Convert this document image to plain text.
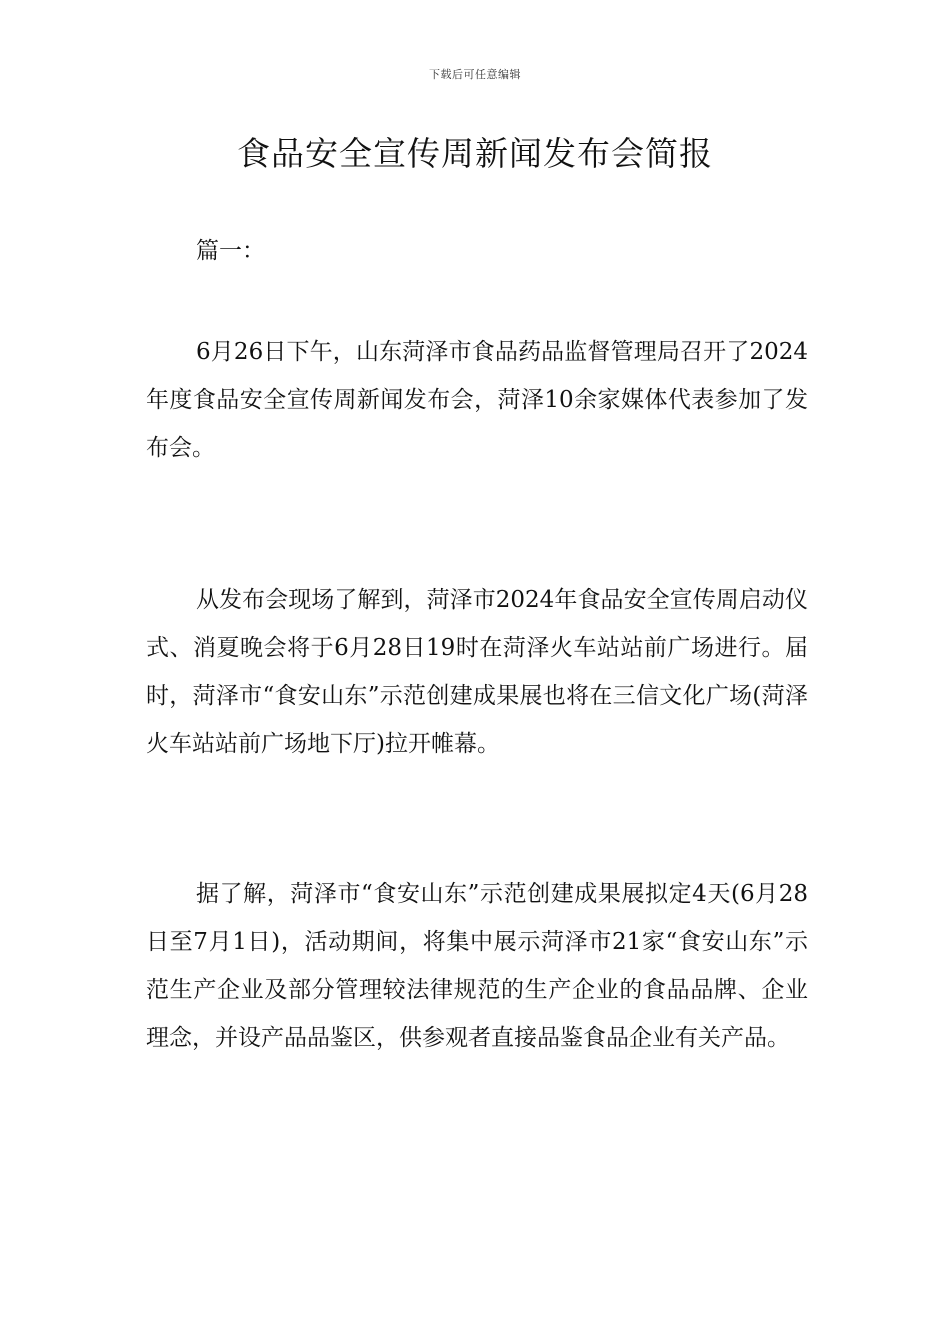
下载后可任意编辑
食品安全宣传周新闻发布会简报

篇一：

6月26日下午，山东菏泽市食品药品监督管理局召开了2024年度食品安全宣传周新闻发布会，菏泽10余家媒体代表参加了发布会。

从发布会现场了解到，菏泽市2024年食品安全宣传周启动仪式、消夏晚会将于6月28日19时在菏泽火车站站前广场进行。届时，菏泽市“食安山东”示范创建成果展也将在三信文化广场(菏泽火车站站前广场地下厅)拉开帷幕。

据了解，菏泽市“食安山东”示范创建成果展拟定4天(6月28日至7月1日)，活动期间，将集中展示菏泽市21家“食安山东”示范生产企业及部分管理较法律规范的生产企业的食品品牌、企业理念，并设产品品鉴区，供参观者直接品鉴食品企业有关产品。
